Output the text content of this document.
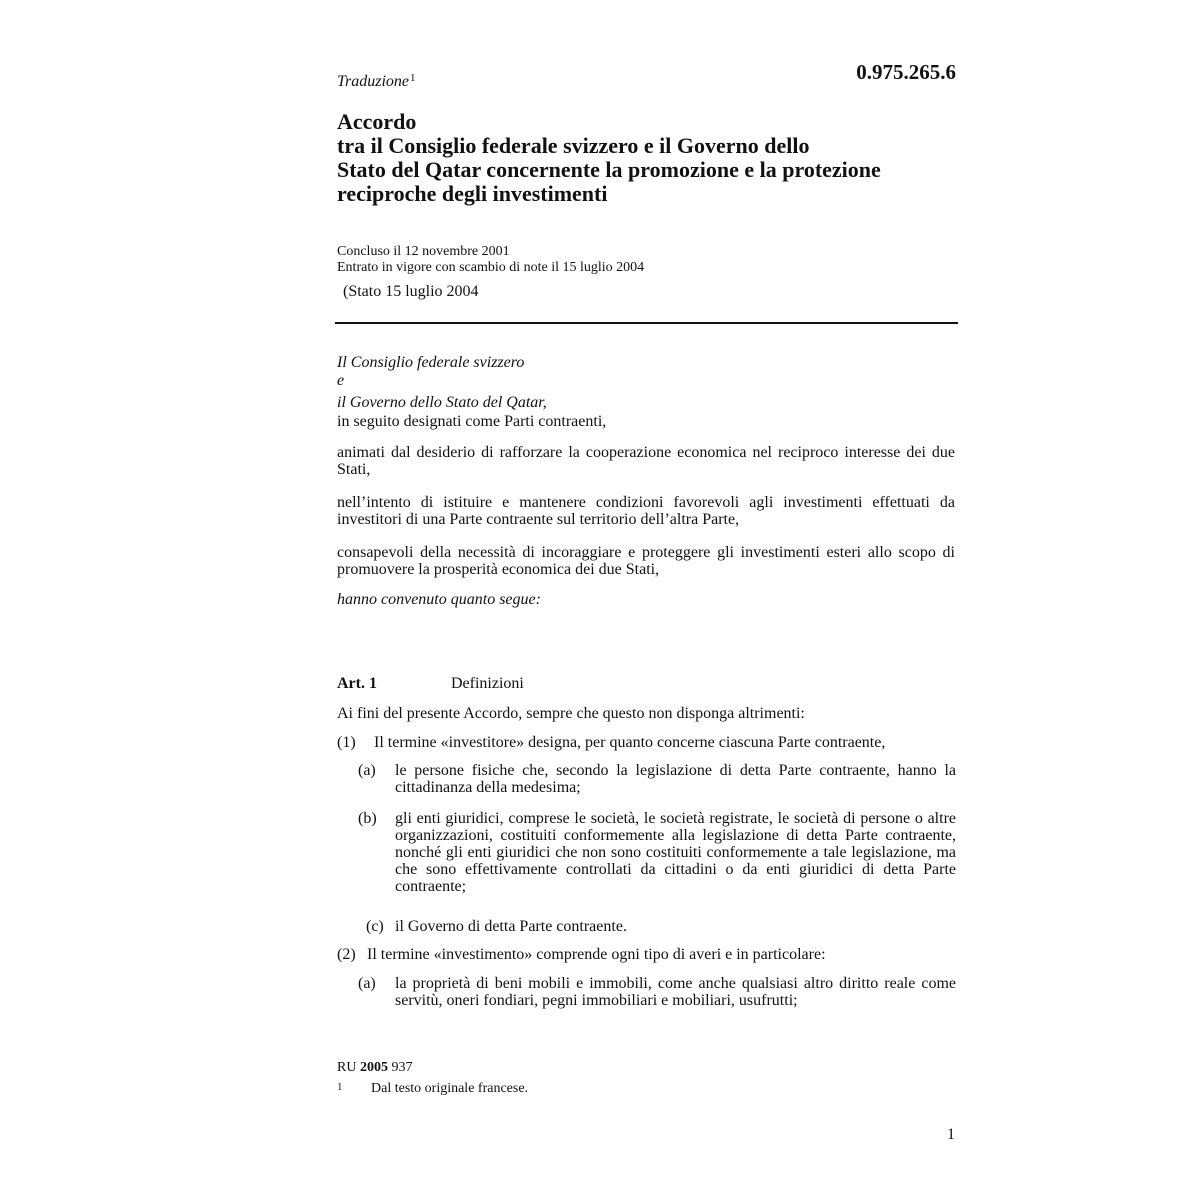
0.975.265.6
Traduzione$^1$
Accordo
tra il Consiglio federale svizzero e il Governo dello
Stato del Qatar concernente la promozione e la protezione
reciproche degli investimenti
Concluso il 12 novembre 2001
Entrato in vigore con scambio di note il 15 luglio 2004
(Stato 15 luglio 2004
Il Consiglio federale svizzero
e
il Governo dello Stato del Qatar,
in seguito designati come Parti contraenti,
animati dal desiderio di rafforzare la cooperazione economica nel reciproco interesse dei due Stati,
nell’intento di istituire e mantenere condizioni favorevoli agli investimenti effettuati da investitori di una Parte contraente sul territorio dell’altra Parte,
consapevoli della necessità di incoraggiare e proteggere gli investimenti esteri allo scopo di promuovere la prosperità economica dei due Stati,
hanno convenuto quanto segue:
Art. 1	Definizioni
Ai fini del presente Accordo, sempre che questo non disponga altrimenti:
(1) Il termine «investitore» designa, per quanto concerne ciascuna Parte contraente,
(a) le persone fisiche che, secondo la legislazione di detta Parte contraente, hanno la cittadinanza della medesima;
(b) gli enti giuridici, comprese le società, le società registrate, le società di persone o altre organizzazioni, costituiti conformemente alla legislazione di detta Parte contraente, nonché gli enti giuridici che non sono costituiti conformemente a tale legislazione, ma che sono effettivamente controllati da cittadini o da enti giuridici di detta Parte contraente;
(c) il Governo di detta Parte contraente.
(2) Il termine «investimento» comprende ogni tipo di averi e in particolare:
(a) la proprietà di beni mobili e immobili, come anche qualsiasi altro diritto reale come servitù, oneri fondiari, pegni immobiliari e mobiliari, usufrutti;
RU 2005 937
1 Dal testo originale francese.
1
